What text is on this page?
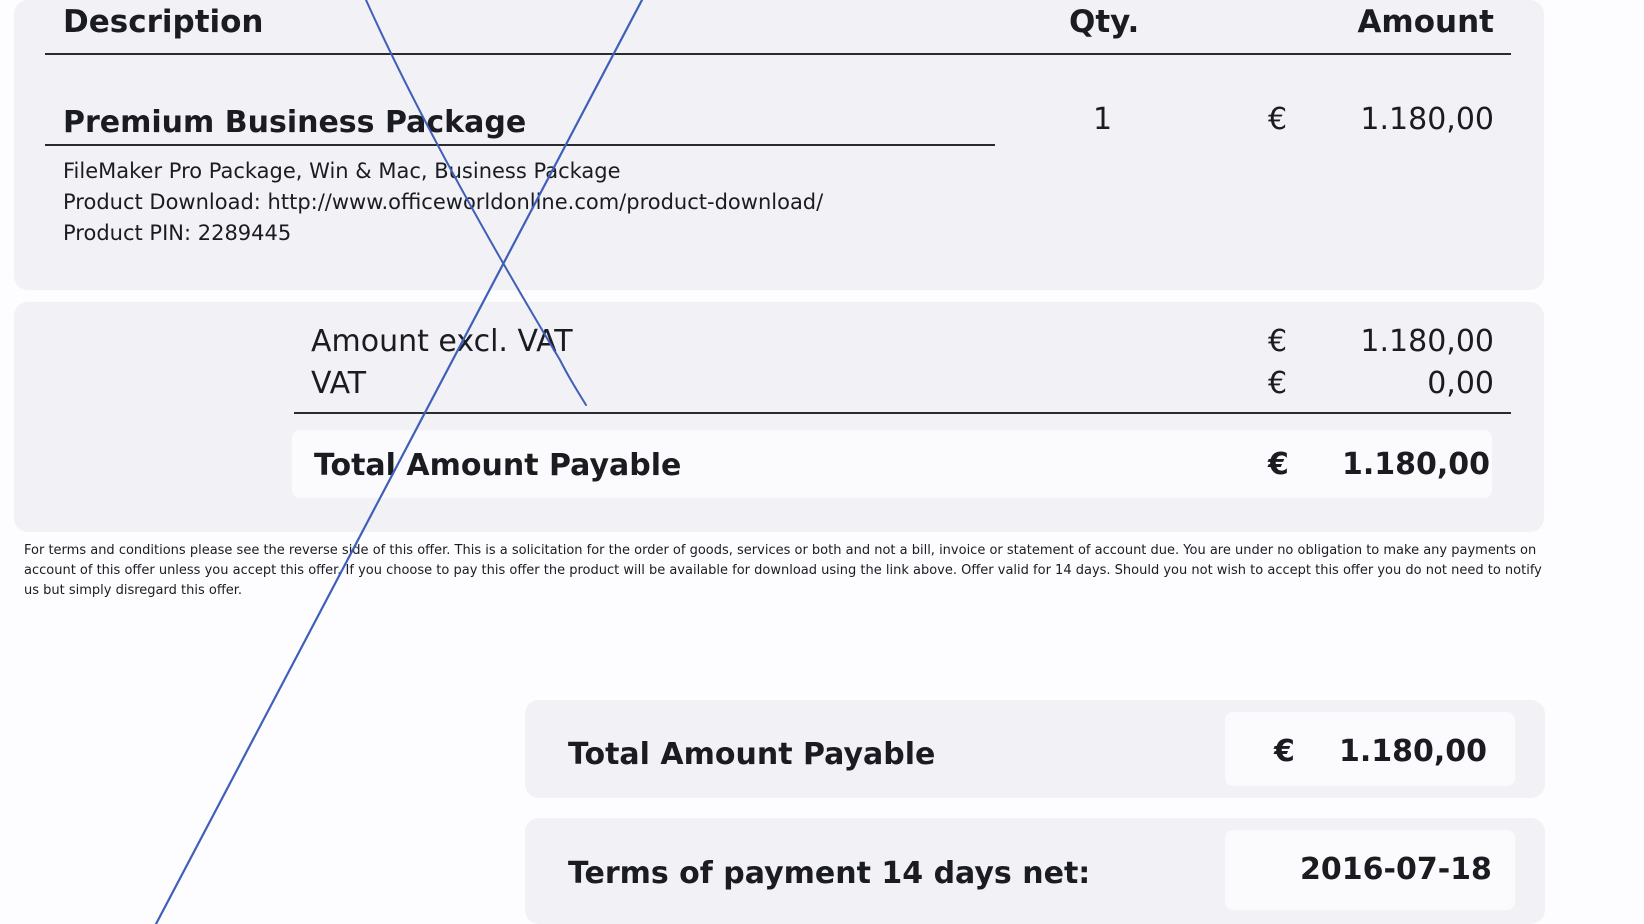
Description	Qty.	Amount
Premium Business Package	1	€	1.180,00
FileMaker Pro Package, Win & Mac, Business Package
Product Download: http://www.officeworldonline.com/product-download/
Product PIN: 2289445
Amount excl. VAT	€	1.180,00
VAT	€	0,00
Total Amount Payable	€	1.180,00
For terms and conditions please see the reverse side of this offer. This is a solicitation for the order of goods, services or both and not a bill, invoice or statement of account due. You are under no obligation to make any payments on account of this offer unless you accept this offer. If you choose to pay this offer the product will be available for download using the link above. Offer valid for 14 days. Should you not wish to accept this offer you do not need to notify us but simply disregard this offer.
Total Amount Payable	€	1.180,00
Terms of payment 14 days net:	2016-07-18
